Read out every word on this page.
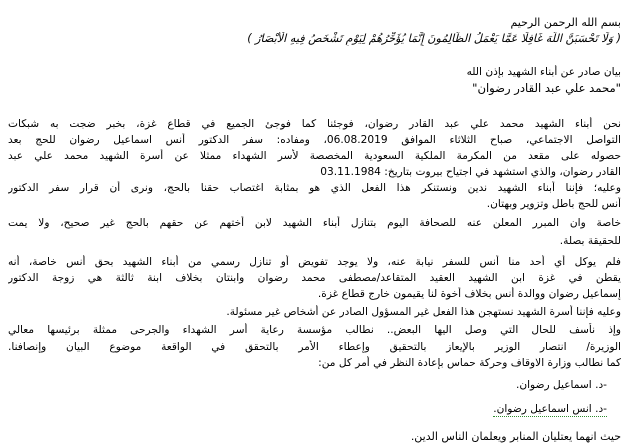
بسم الله الرحمن الرحيم

( وَلَا تَحْسَبَنَّ اللَّهَ غَافِلًا عَمَّا يَعْمَلُ الظَّالِمُونَ إِنَّمَا يُؤَخِّرُهُمْ لِيَوْمٍ تَشْخَصُ فِيهِ الْأَبْصَارُ )

بيان صادر عن أبناء الشهيد بإذن الله

"محمد علي عبد القادر رضوان"

نحن أبناء الشهيد محمد علي عبد القادر رضوان، فوجئنا كما فوجئ الجميع في قطاع غزة، بخبر ضجت به شبكات

التواصل الاجتماعي، صباح الثلاثاء الموافق 06.08.2019، ومفاده: سفر الدكتور أنس اسماعيل رضوان للحج بعد

حصوله على مقعد من المكرمة الملكية السعودية المخصصة لأسر الشهداء ممثلا عن أسرة الشهيد محمد علي عبد

القادر رضوان، والذي استشهد في اجتياح بيروت بتاريخ: 03.11.1984

وعليه؛ فإننا أبناء الشهيد ندين ونستنكر هذا الفعل الذي هو بمثابة اغتصاب حقنا بالحج، ونرى أن قرار سفر الدكتور

أنس للحج باطل وتزوير وبهتان.

خاصة وان المبرر المعلن عنه للصحافة اليوم بتنازل أبناء الشهيد لابن أختهم عن حقهم بالحج غير صحيح، ولا يمت

للحقيقة بصلة.

فلم يوكل أي أحد منا أنس للسفر نيابة عنه، ولا يوجد تفويض أو تنازل رسمي من أبناء الشهيد بحق أنس خاصة، أنه

يقطن في غزة ابن الشهيد العقيد المتقاعد/مصطفى محمد رضوان وابنتان بخلاف ابنة ثالثة هي زوجة الدكتور

إسماعيل رضوان ووالدة أنس بخلاف أخوة لنا يقيمون خارج قطاع غزة.

وعليه فإننا أسرة الشهيد نستهجن هذا الفعل غير المسؤول الصادر عن أشخاص غير مسئولة.

وإذ نأسف للحال التي وصل اليها البعض.. نطالب مؤسسة رعاية أسر الشهداء والجرحى ممثلة برئيسها معالي

الوزيرة/ انتصار الوزير بالإيعاز بالتحقيق وإعطاء الأمر بالتحقق في الواقعة موضوع البيان وإنصافنا.

كما نطالب وزارة الاوقاف وحركة حماس بإعادة النظر في أمر كل من:

-د. اسماعيل رضوان.

-د. انس اسماعيل رضوان.

حيث انهما يعتليان المنابر ويعلمان الناس الدين.
